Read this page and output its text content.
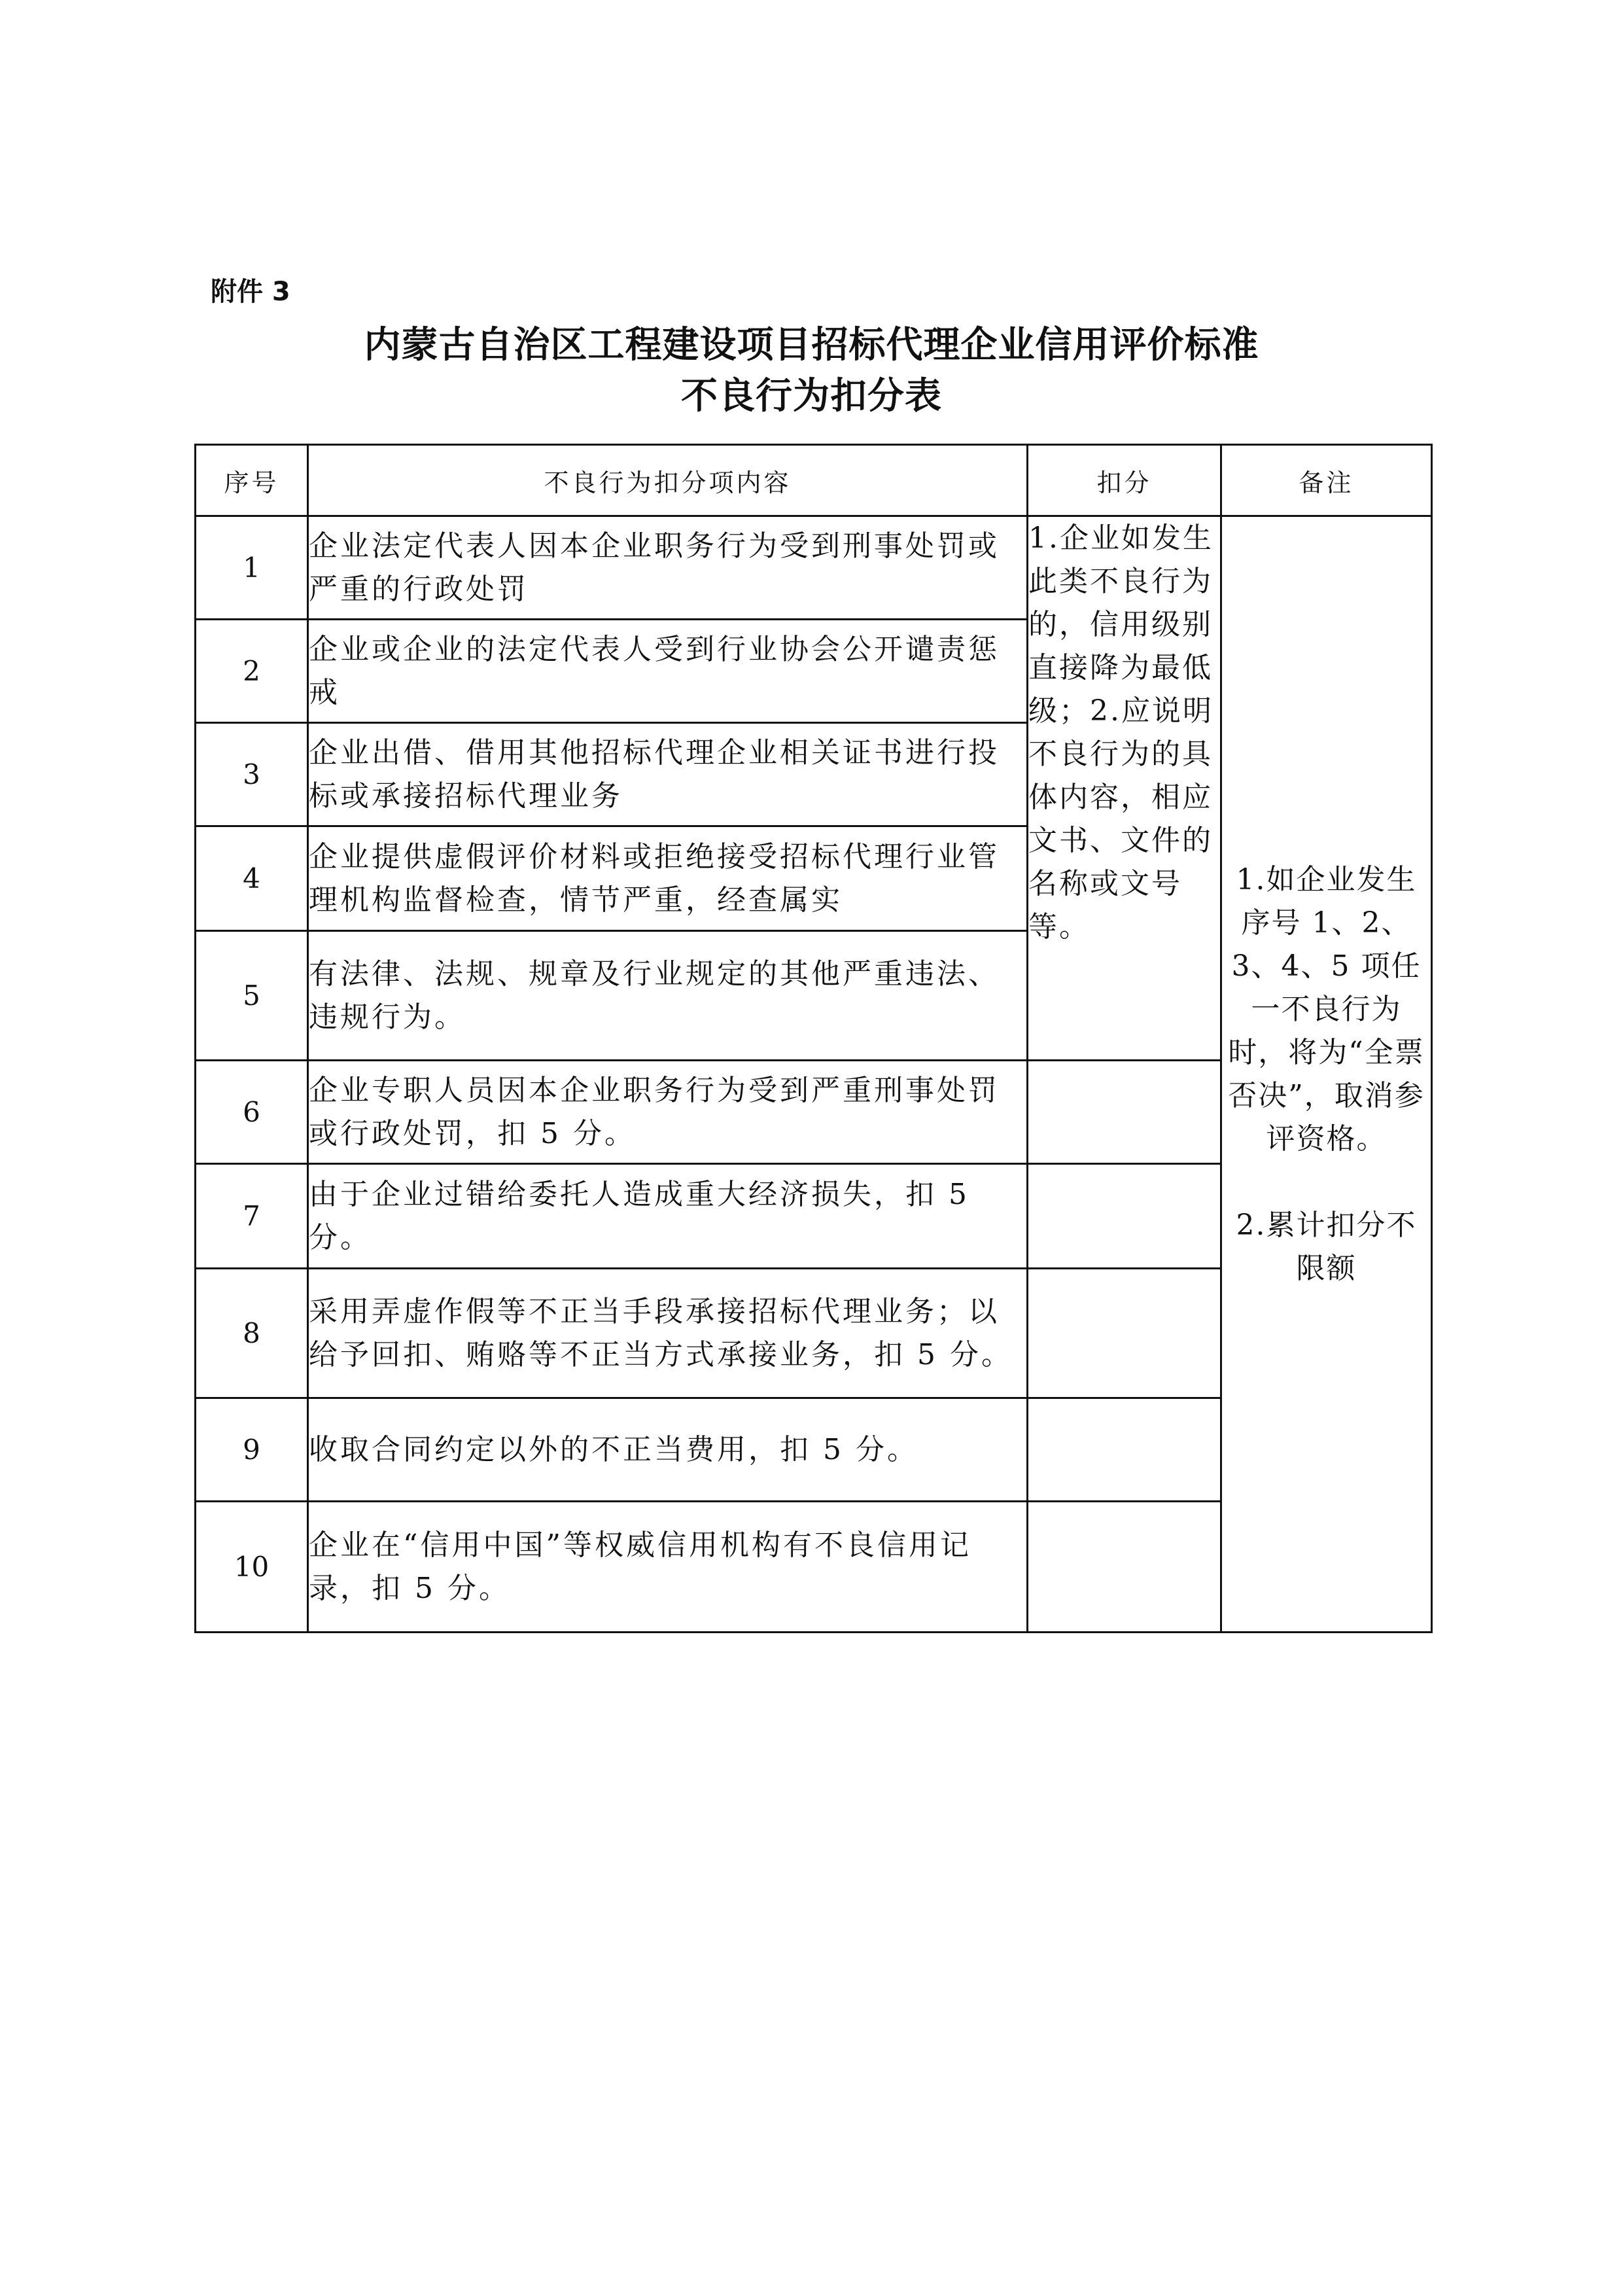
附件 3
内蒙古自治区工程建设项目招标代理企业信用评价标准
不良行为扣分表
序号	不良行为扣分项内容	扣分	备注
1	企业法定代表人因本企业职务行为受到刑事处罚或严重的行政处罚	1.企业如发生此类不良行为的，信用级别直接降为最低级；2.应说明不良行为的具体内容，相应文书、文件的名称或文号等。	1.如企业发生序号 1、2、3、4、5 项任一不良行为时，将为“全票否决”，取消参评资格。
2.累计扣分不限额

2	企业或企业的法定代表人受到行业协会公开谴责惩戒		
3	企业出借、借用其他招标代理企业相关证书进行投标或承接招标代理业务		
4	企业提供虚假评价材料或拒绝接受招标代理行业管理机构监督检查，情节严重，经查属实		
5	有法律、法规、规章及行业规定的其他严重违法、违规行为。		
6	企业专职人员因本企业职务行为受到严重刑事处罚或行政处罚，扣 5 分。		
7	由于企业过错给委托人造成重大经济损失，扣 5 分。		
8	采用弄虚作假等不正当手段承接招标代理业务；以给予回扣、贿赂等不正当方式承接业务，扣 5 分。		
9	收取合同约定以外的不正当费用，扣 5 分。		
10	企业在“信用中国”等权威信用机构有不良信用记录，扣 5 分。		
